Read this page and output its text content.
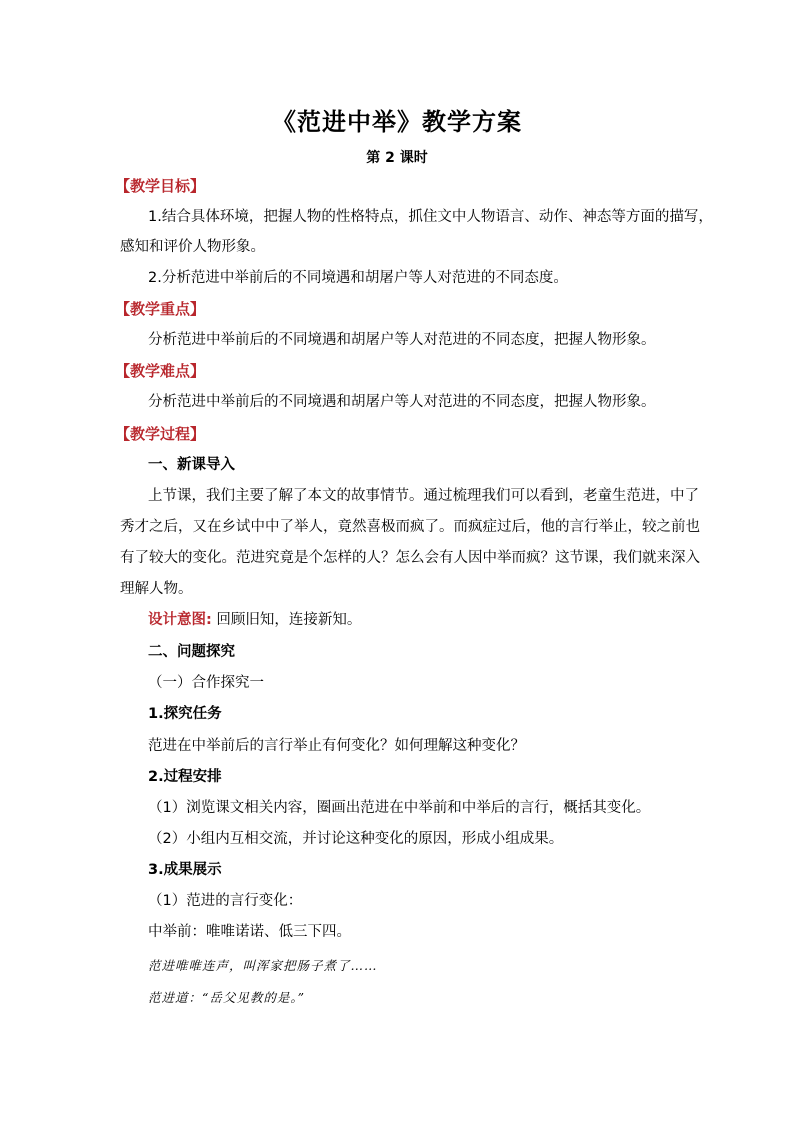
《范进中举》教学方案
第 2 课时
【教学目标】
1.结合具体环境，把握人物的性格特点，抓住文中人物语言、动作、神态等方面的描写，
感知和评价人物形象。
2.分析范进中举前后的不同境遇和胡屠户等人对范进的不同态度。
【教学重点】
分析范进中举前后的不同境遇和胡屠户等人对范进的不同态度，把握人物形象。
【教学难点】
分析范进中举前后的不同境遇和胡屠户等人对范进的不同态度，把握人物形象。
【教学过程】
一、新课导入
上节课，我们主要了解了本文的故事情节。通过梳理我们可以看到，老童生范进，中了
秀才之后，又在乡试中中了举人，竟然喜极而疯了。而疯症过后，他的言行举止，较之前也
有了较大的变化。范进究竟是个怎样的人？怎么会有人因中举而疯？这节课，我们就来深入
理解人物。
设计意图: 回顾旧知，连接新知。
二、问题探究
（一）合作探究一
1.探究任务
范进在中举前后的言行举止有何变化？如何理解这种变化？
2.过程安排
（1）浏览课文相关内容，圈画出范进在中举前和中举后的言行，概括其变化。
（2）小组内互相交流，并讨论这种变化的原因，形成小组成果。
3.成果展示
（1）范进的言行变化：
中举前：唯唯诺诺、低三下四。
范进唯唯连声，叫浑家把肠子煮了……
范进道：“岳父见教的是。”
